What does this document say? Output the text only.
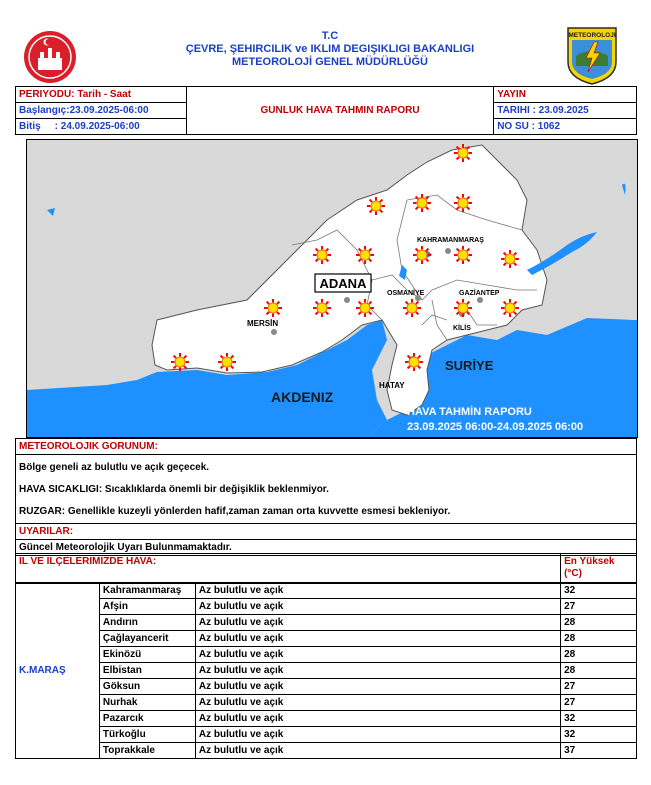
T.C
ÇEVRE, ŞEHIRCILIK ve IKLIM DEGIŞIKLIGI BAKANLIGI
METEOROLOJİ GENEL MÜDÜRLÜĞÜ
METEOROLOJI
PERIYODU: Tarih - Saat	GUNLUK HAVA TAHMIN RAPORU	YAYIN
Başlangıç:23.09.2025-06:00		TARIHI : 23.09.2025
Bitiş : 24.09.2025-06:00		NO SU : 1062
ADANA
MERSİN
AKDENIZ
SURİYE
HATAY
OSMANİYE	GAZİANTEP
KİLİS
KAHRAMANMARAŞ
HAVA TAHMİN RAPORU
23.09.2025 06:00-24.09.2025 06:00
METEOROLOJIK GORUNUM:

Bölge geneli az bulutlu ve açık geçecek.
HAVA SICAKLIGI: Sıcaklıklarda önemli bir değişiklik beklenmiyor.
RUZGAR: Genellikle kuzeyli yönlerden hafif,zaman zaman orta kuvvette esmesi bekleniyor.

UYARILAR:
Güncel Meteorolojik Uyarı Bulunmamaktadır.
IL VE ILÇELERIMIZDE HAVA:	En Yüksek (°C)
K.MARAŞ	Kahramanmaraş	Az bulutlu ve açık	32
	Afşin	Az bulutlu ve açık	27
	Andırın	Az bulutlu ve açık	28
	Çağlayancerit	Az bulutlu ve açık	28
	Ekinözü	Az bulutlu ve açık	28
	Elbistan	Az bulutlu ve açık	28
	Göksun	Az bulutlu ve açık	27
	Nurhak	Az bulutlu ve açık	27
	Pazarcık	Az bulutlu ve açık	32
	Türkoğlu	Az bulutlu ve açık	32
	Toprakkale	Az bulutlu ve açık	37
